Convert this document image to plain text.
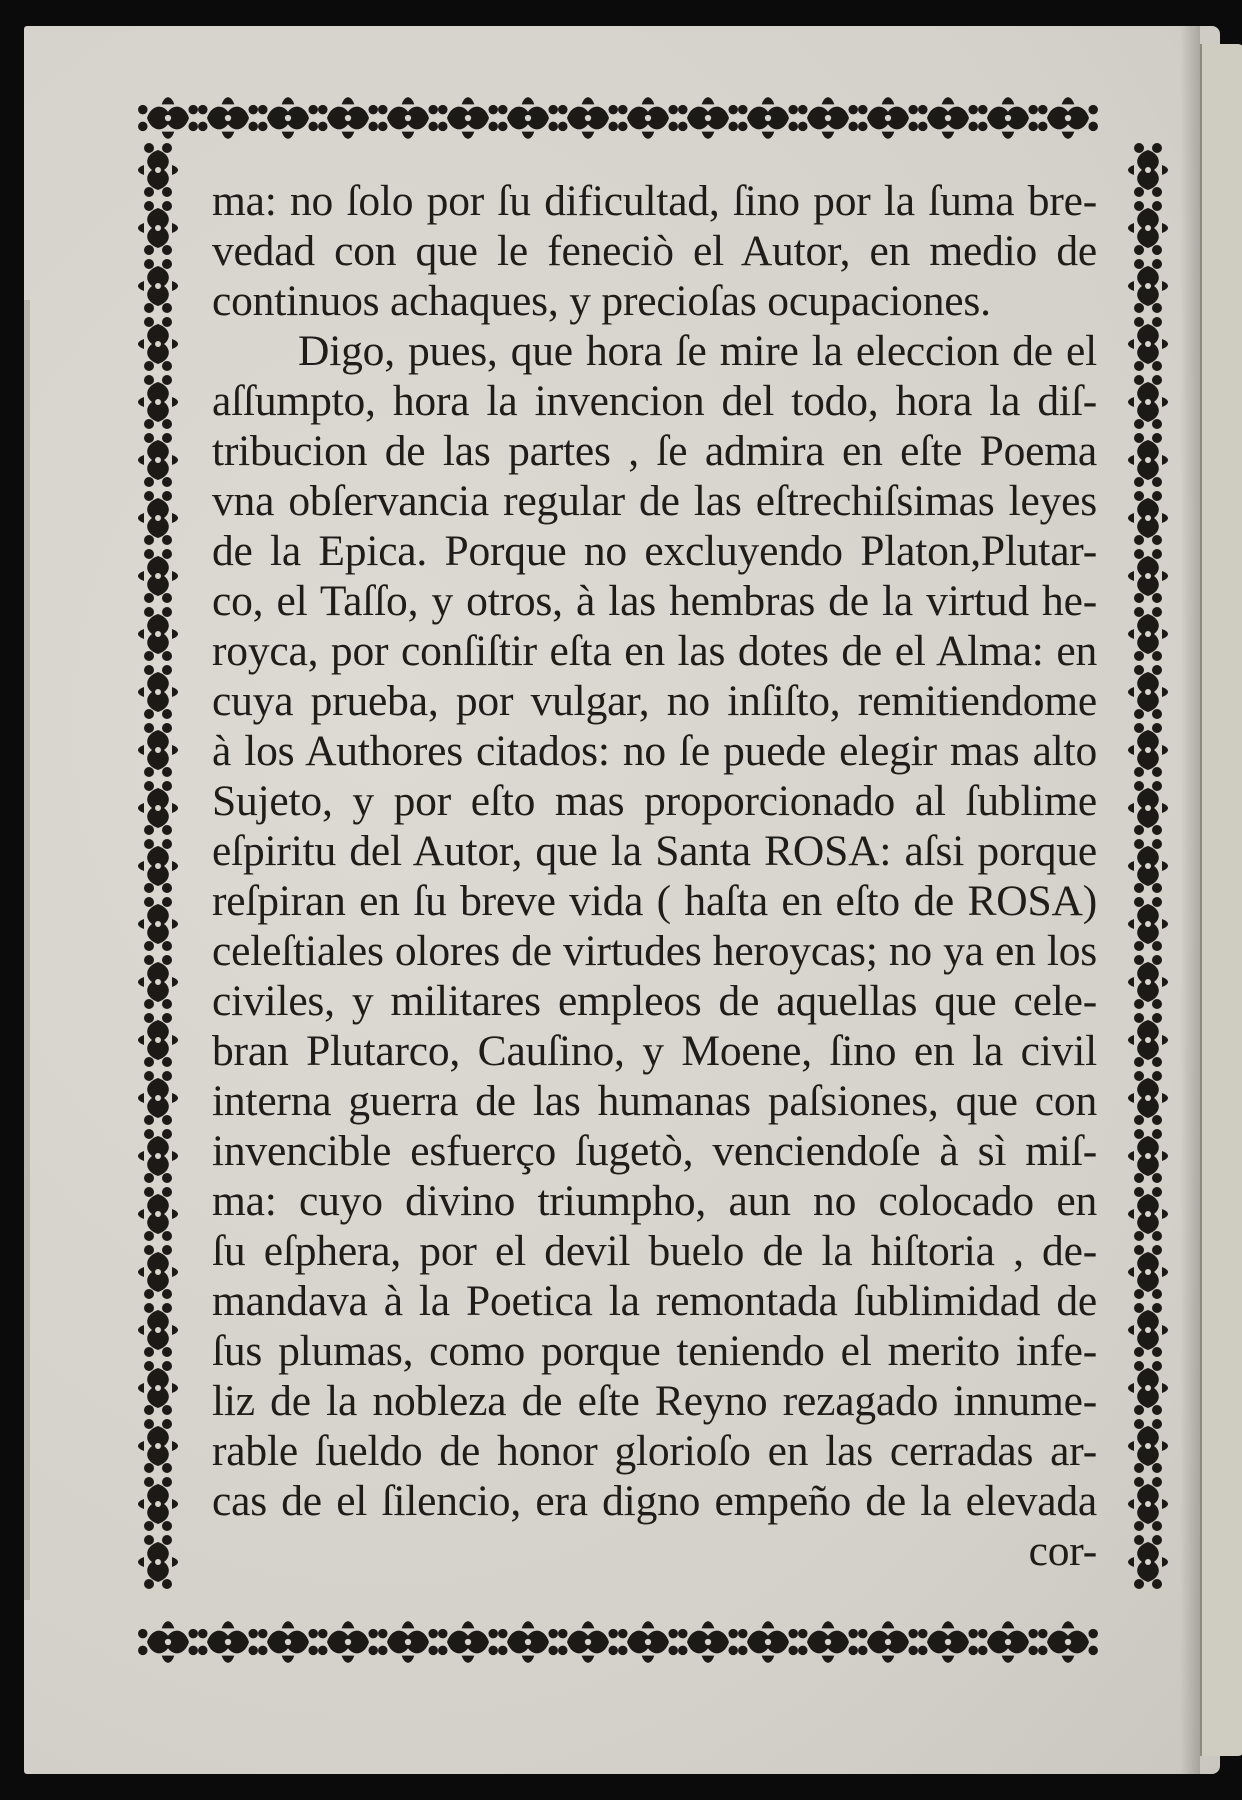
ma: no ſolo por ſu dificultad, ſino por la ſuma bre-
vedad con que le feneciò el Autor, en medio de
continuos achaques, y precioſas ocupaciones.
Digo, pues, que hora ſe mire la eleccion de el
aſſumpto, hora la invencion del todo, hora la diſ-
tribucion de las partes , ſe admira en eſte Poema
vna obſervancia regular de las eſtrechiſsimas leyes
de la Epica. Porque no excluyendo Platon,Plutar-
co, el Taſſo, y otros, à las hembras de la virtud he-
royca, por conſiſtir eſta en las dotes de el Alma: en
cuya prueba, por vulgar, no inſiſto, remitiendome
à los Authores citados: no ſe puede elegir mas alto
Sujeto, y por eſto mas proporcionado al ſublime
eſpiritu del Autor, que la Santa ROSA: aſsi porque
reſpiran en ſu breve vida ( haſta en eſto de ROSA)
celeſtiales olores de virtudes heroycas; no ya en los
civiles, y militares empleos de aquellas que cele-
bran Plutarco, Cauſino, y Moene, ſino en la civil
interna guerra de las humanas paſsiones, que con
invencible esfuerço ſugetò, venciendoſe à sì miſ-
ma: cuyo divino triumpho, aun no colocado en
ſu eſphera, por el devil buelo de la hiſtoria , de-
mandava à la Poetica la remontada ſublimidad de
ſus plumas, como porque teniendo el merito infe-
liz de la nobleza de eſte Reyno rezagado innume-
rable ſueldo de honor glorioſo en las cerradas ar-
cas de el ſilencio, era digno empeño de la elevada
cor-
